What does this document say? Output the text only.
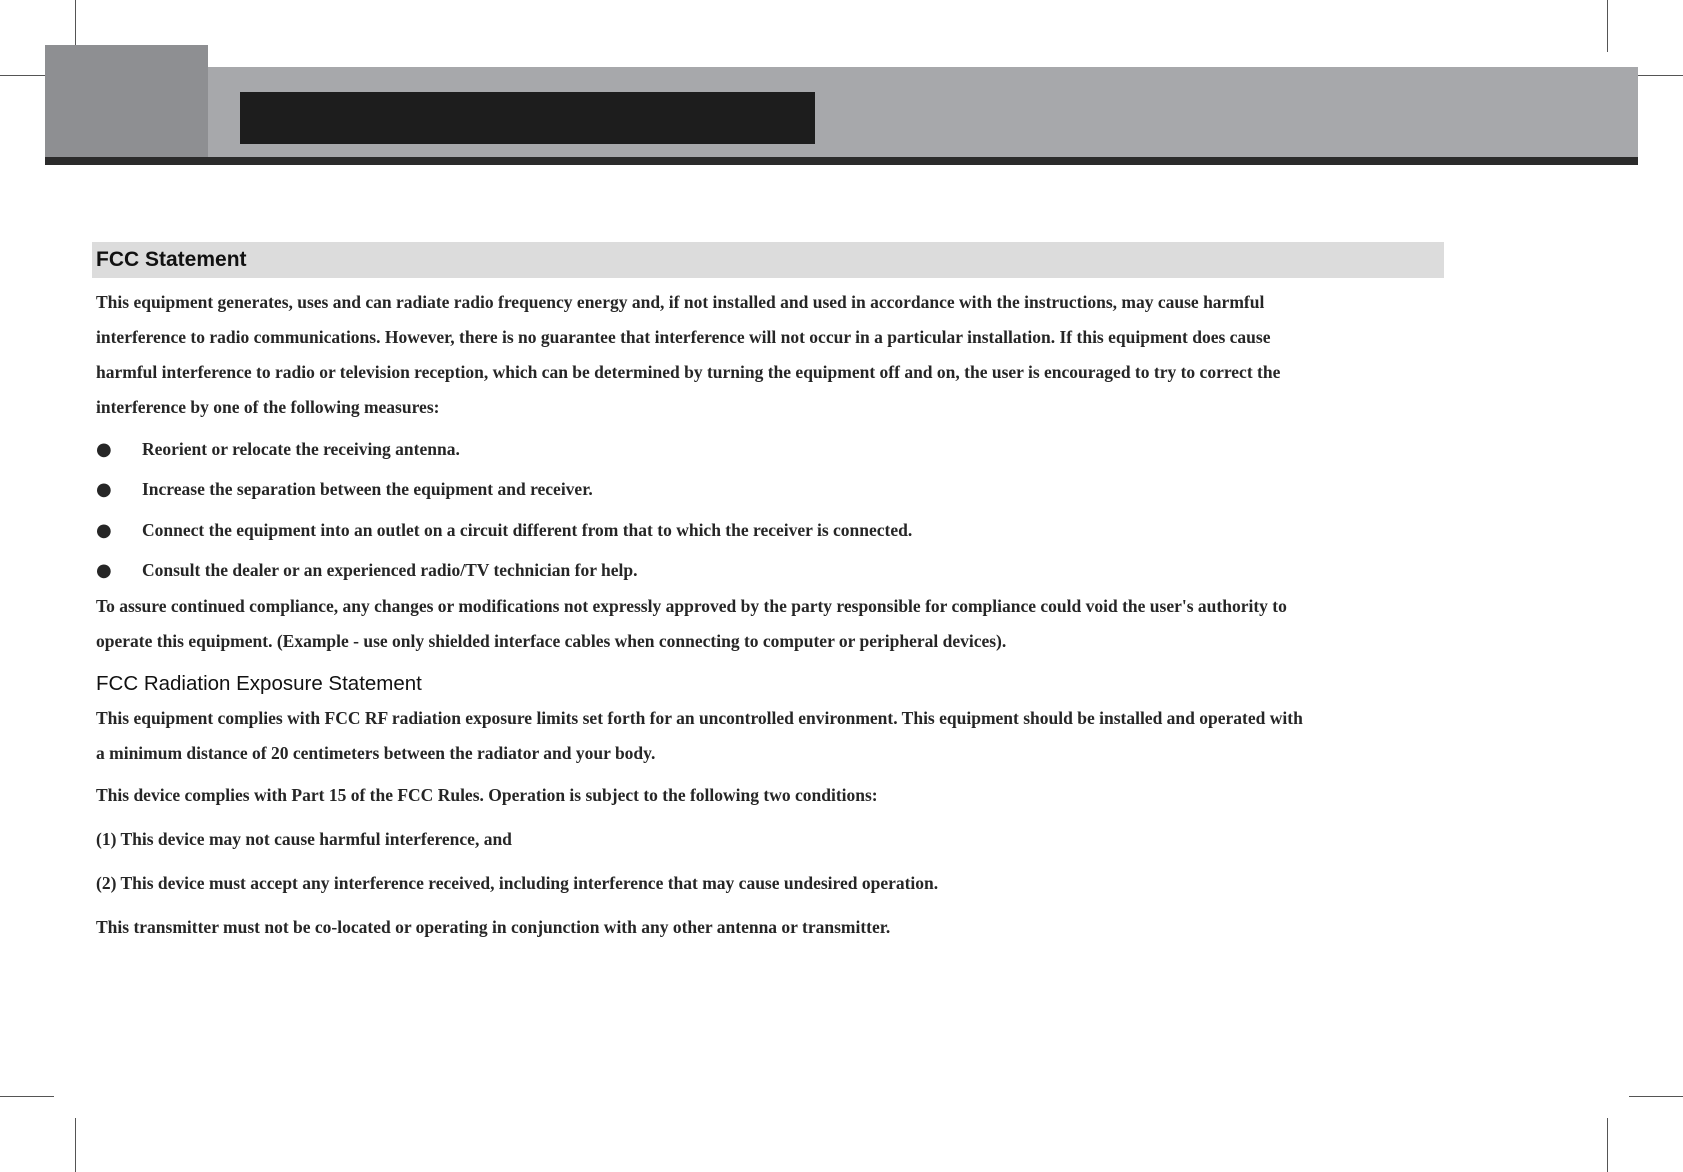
FCC Statement

This equipment generates, uses and can radiate radio frequency energy and, if not installed and used in accordance with the instructions, may cause harmful
interference to radio communications. However, there is no guarantee that interference will not occur in a particular installation. If this equipment does cause
harmful interference to radio or television reception, which can be determined by turning the equipment off and on, the user is encouraged to try to correct the
interference by one of the following measures:

●	Reorient or relocate the receiving antenna.
●	Increase the separation between the equipment and receiver.
●	Connect the equipment into an outlet on a circuit different from that to which the receiver is connected.
●	Consult the dealer or an experienced radio/TV technician for help.

To assure continued compliance, any changes or modifications not expressly approved by the party responsible for compliance could void the user's authority to
operate this equipment. (Example - use only shielded interface cables when connecting to computer or peripheral devices).

FCC Radiation Exposure Statement

This equipment complies with FCC RF radiation exposure limits set forth for an uncontrolled environment. This equipment should be installed and operated with
a minimum distance of 20 centimeters between the radiator and your body.

This device complies with Part 15 of the FCC Rules. Operation is subject to the following two conditions:

(1) This device may not cause harmful interference, and

(2) This device must accept any interference received, including interference that may cause undesired operation.

This transmitter must not be co-located or operating in conjunction with any other antenna or transmitter.
